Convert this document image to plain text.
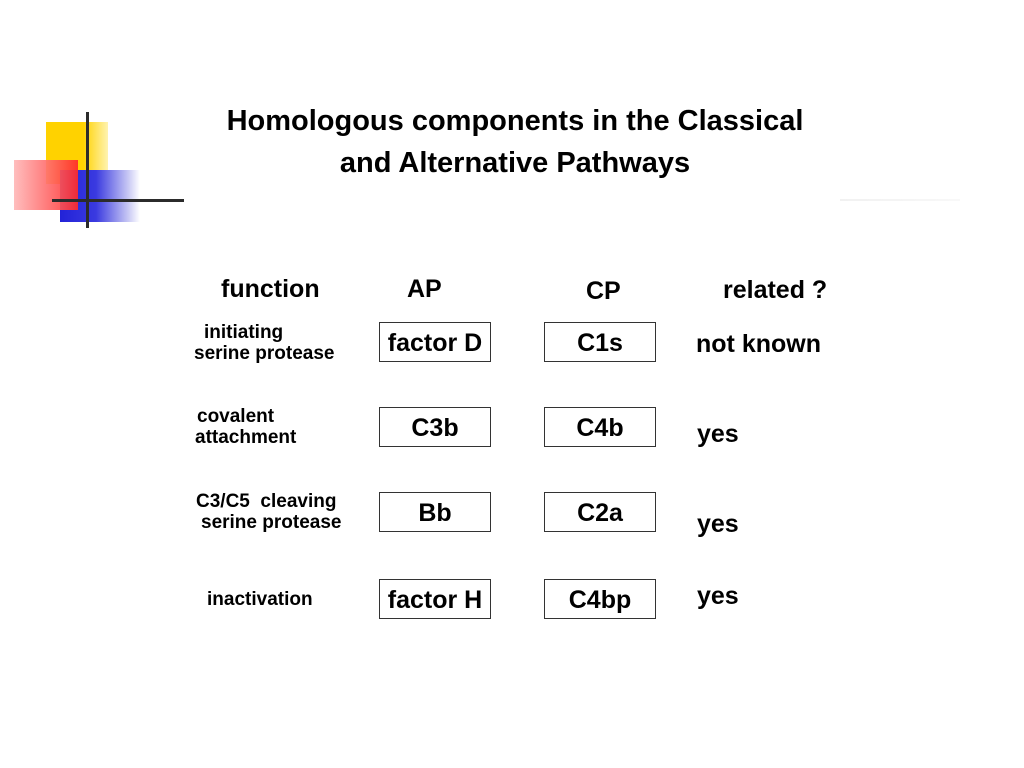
Homologous components in the Classical
and Alternative Pathways
function	AP	CP	related ?
initiating
serine protease	factor D	C1s	not known
covalent
attachment	C3b	C4b	yes
C3/C5  cleaving
serine protease	Bb	C2a	yes
inactivation	factor H	C4bp	yes
